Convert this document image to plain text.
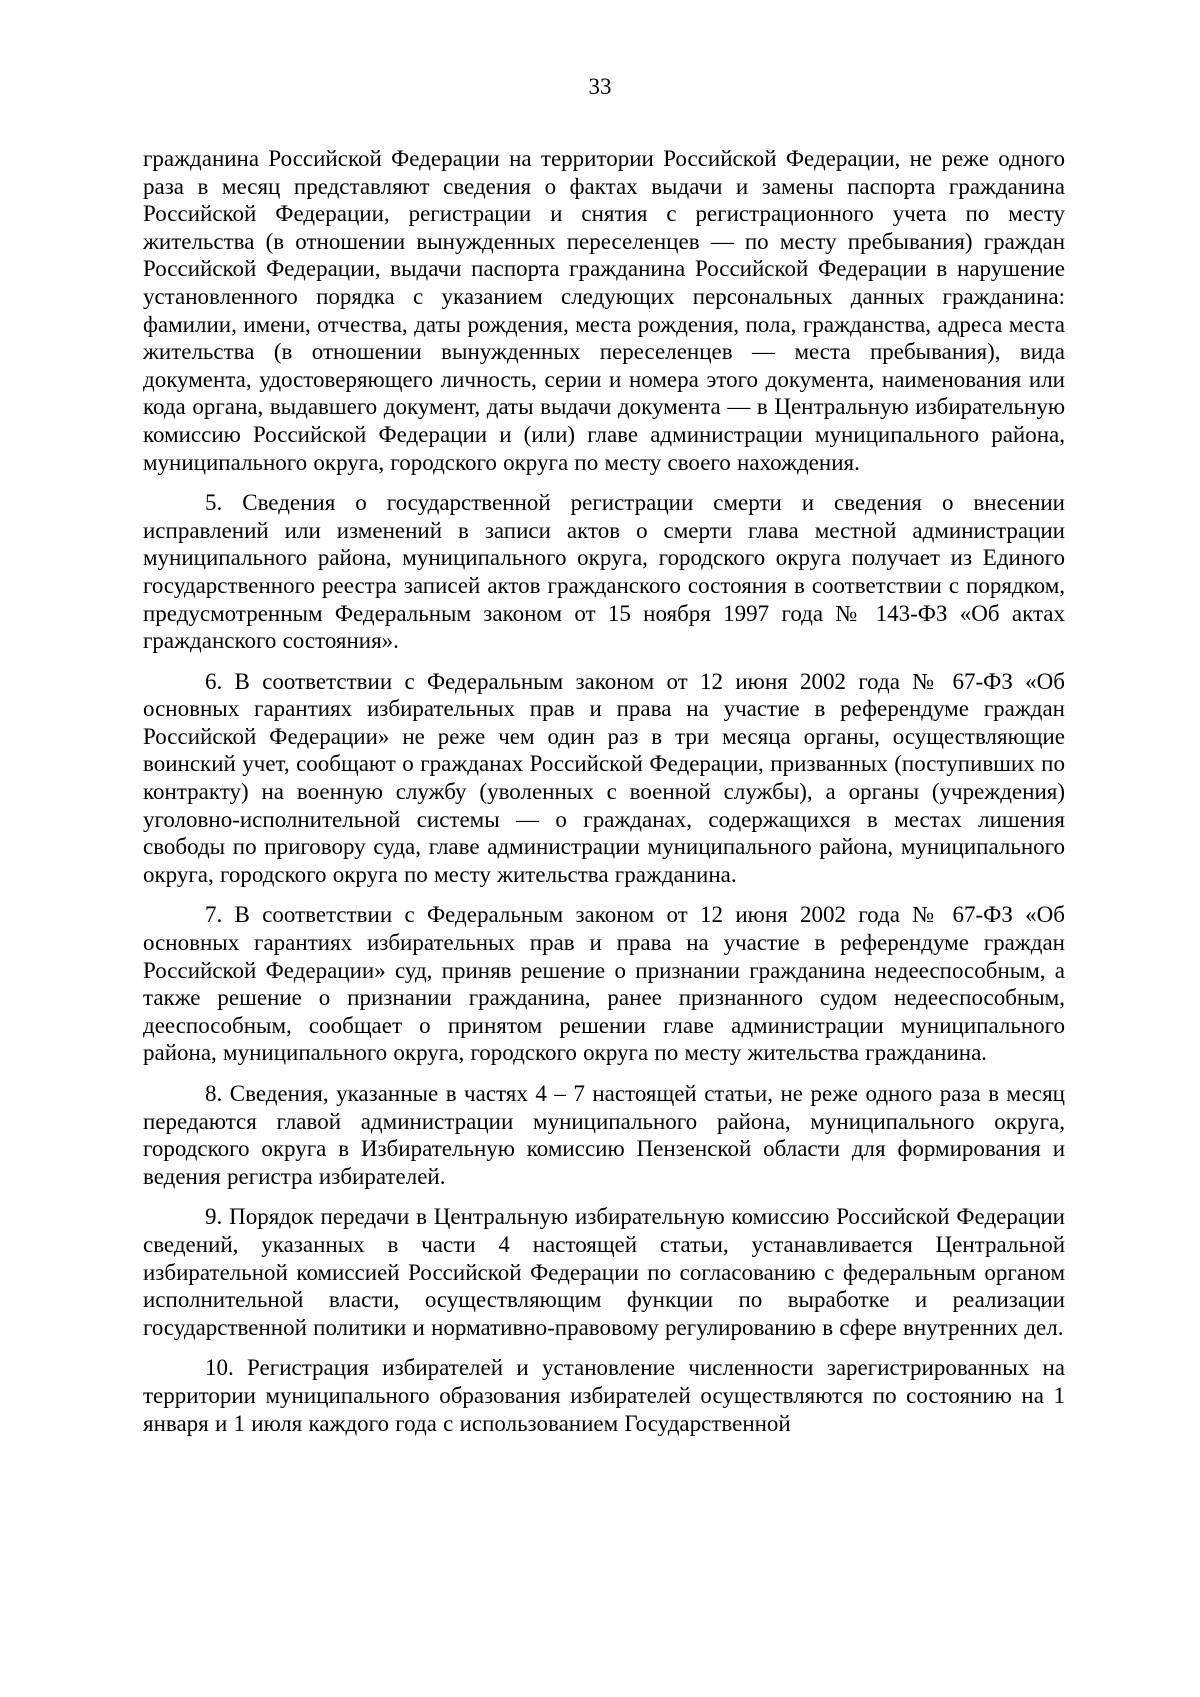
33

гражданина Российской Федерации на территории Российской Федерации, не реже одного раза в месяц представляют сведения о фактах выдачи и замены паспорта гражданина Российской Федерации, регистрации и снятия с регистрационного учета по месту жительства (в отношении вынужденных переселенцев — по месту пребывания) граждан Российской Федерации, выдачи паспорта гражданина Российской Федерации в нарушение установленного порядка с указанием следующих персональных данных гражданина: фамилии, имени, отчества, даты рождения, места рождения, пола, гражданства, адреса места жительства (в отношении вынужденных переселенцев — места пребывания), вида документа, удостоверяющего личность, серии и номера этого документа, наименования или кода органа, выдавшего документ, даты выдачи документа — в Центральную избирательную комиссию Российской Федерации и (или) главе администрации муниципального района, муниципального округа, городского округа по месту своего нахождения.

5. Сведения о государственной регистрации смерти и сведения о внесении исправлений или изменений в записи актов о смерти глава местной администрации муниципального района, муниципального округа, городского округа получает из Единого государственного реестра записей актов гражданского состояния в соответствии с порядком, предусмотренным Федеральным законом от 15 ноября 1997 года № 143-ФЗ «Об актах гражданского состояния».

6. В соответствии с Федеральным законом от 12 июня 2002 года № 67-ФЗ «Об основных гарантиях избирательных прав и права на участие в референдуме граждан Российской Федерации» не реже чем один раз в три месяца органы, осуществляющие воинский учет, сообщают о гражданах Российской Федерации, призванных (поступивших по контракту) на военную службу (уволенных с военной службы), а органы (учреждения) уголовно-исполнительной системы — о гражданах, содержащихся в местах лишения свободы по приговору суда, главе администрации муниципального района, муниципального округа, городского округа по месту жительства гражданина.

7. В соответствии с Федеральным законом от 12 июня 2002 года № 67-ФЗ «Об основных гарантиях избирательных прав и права на участие в референдуме граждан Российской Федерации» суд, приняв решение о признании гражданина недееспособным, а также решение о признании гражданина, ранее признанного судом недееспособным, дееспособным, сообщает о принятом решении главе администрации муниципального района, муниципального округа, городского округа по месту жительства гражданина.

8. Сведения, указанные в частях 4 – 7 настоящей статьи, не реже одного раза в месяц передаются главой администрации муниципального района, муниципального округа, городского округа в Избирательную комиссию Пензенской области для формирования и ведения регистра избирателей.

9. Порядок передачи в Центральную избирательную комиссию Российской Федерации сведений, указанных в части 4 настоящей статьи, устанавливается Центральной избирательной комиссией Российской Федерации по согласованию с федеральным органом исполнительной власти, осуществляющим функции по выработке и реализации государственной политики и нормативно-правовому регулированию в сфере внутренних дел.

10. Регистрация избирателей и установление численности зарегистрированных на территории муниципального образования избирателей осуществляются по состоянию на 1 января и 1 июля каждого года с использованием Государственной
